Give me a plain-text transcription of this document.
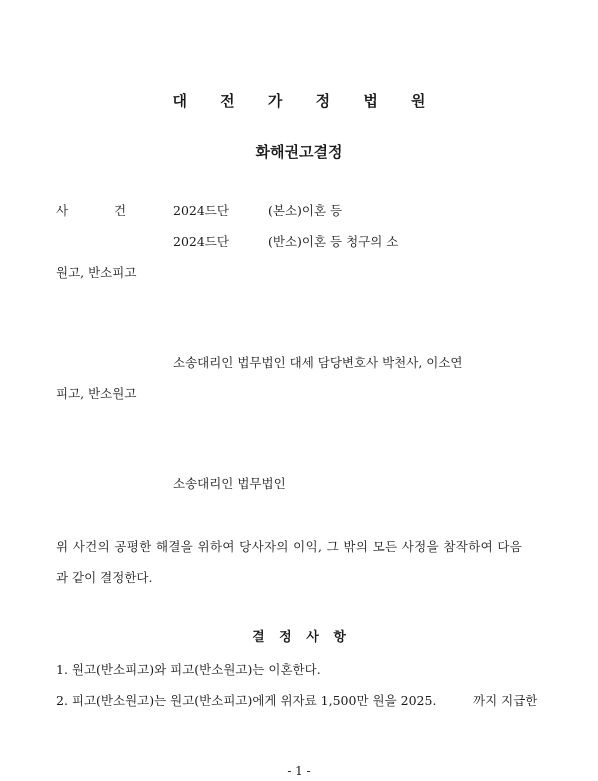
대 전 가 정 법 원
화해권고결정
사	건	2024드단	(본소)이혼 등
2024드단	(반소)이혼 등 청구의 소
원고, 반소피고
소송대리인 법무법인 대세 담당변호사 박천사, 이소연
피고, 반소원고
소송대리인 법무법인
위 사건의 공평한 해결을 위하여 당사자의 이익, 그 밖의 모든 사정을 참작하여 다음
과 같이 결정한다.
결 정 사 항
1. 원고(반소피고)와 피고(반소원고)는 이혼한다.
2. 피고(반소원고)는 원고(반소피고)에게 위자료 1,500만 원을 2025.	까지 지급한
- 1 -
